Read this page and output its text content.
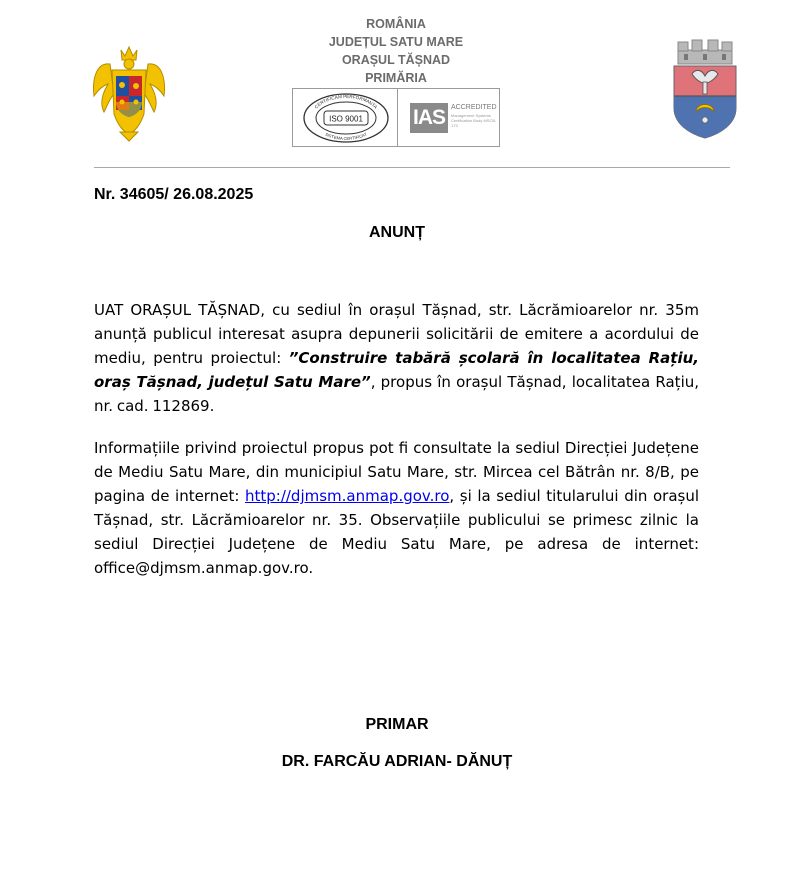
ROMÂNIA
JUDEȚUL SATU MARE
ORAȘUL TĂȘNAD
PRIMĂRIA
ISO 9001
CERTIFICAM PERFORMANTA
SISTEMA CERTIFICAT
IAS ACCREDITED
Management Systems Certification Body MSCB-173
Nr. 34605/ 26.08.2025
ANUNȚ
UAT ORAȘUL TĂȘNAD, cu sediul în orașul Tășnad, str. Lăcrămioarelor nr. 35m anunță publicul interesat asupra depunerii solicitării de emitere a acordului de mediu, pentru proiectul: ”Construire tabără școlară în localitatea Rațiu, oraș Tășnad, județul Satu Mare”, propus în orașul Tășnad, localitatea Rațiu, nr. cad. 112869.
Informațiile privind proiectul propus pot fi consultate la sediul Direcției Județene de Mediu Satu Mare, din municipiul Satu Mare, str. Mircea cel Bătrân nr. 8/B, pe pagina de internet: http://djmsm.anmap.gov.ro, și la sediul titularului din orașul Tășnad, str. Lăcrămioarelor nr. 35. Observațiile publicului se primesc zilnic la sediul Direcției Județene de Mediu Satu Mare, pe adresa de internet: office@djmsm.anmap.gov.ro.
PRIMAR
DR. FARCĂU ADRIAN- DĂNUȚ
